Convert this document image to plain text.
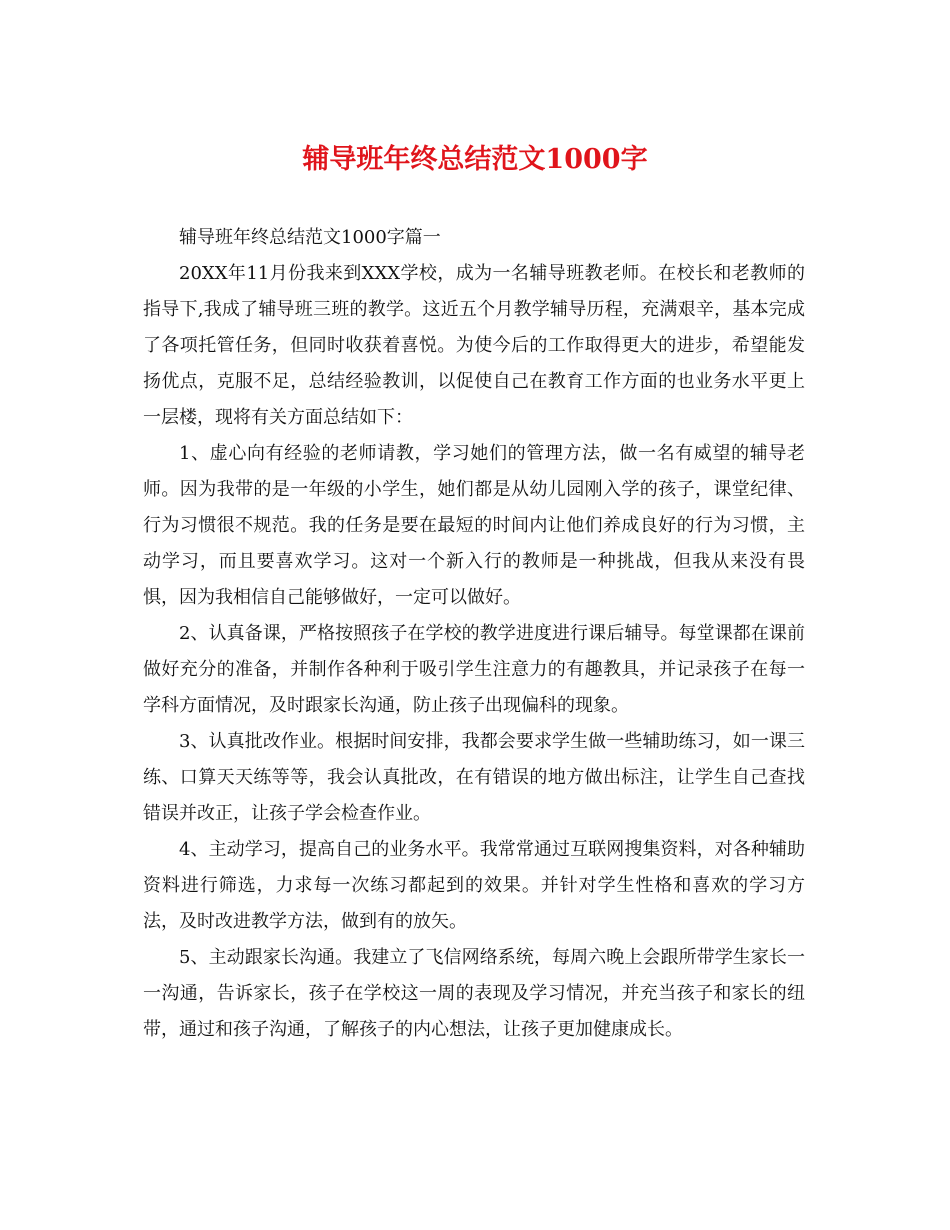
辅导班年终总结范文1000字

辅导班年终总结范文1000字篇一

20XX年11月份我来到XXX学校，成为一名辅导班教老师。在校长和老教师的指导下,我成了辅导班三班的教学。这近五个月教学辅导历程，充满艰辛，基本完成了各项托管任务，但同时收获着喜悦。为使今后的工作取得更大的进步，希望能发扬优点，克服不足，总结经验教训，以促使自己在教育工作方面的也业务水平更上一层楼，现将有关方面总结如下：

1、虚心向有经验的老师请教，学习她们的管理方法，做一名有威望的辅导老师。因为我带的是一年级的小学生，她们都是从幼儿园刚入学的孩子，课堂纪律、行为习惯很不规范。我的任务是要在最短的时间内让他们养成良好的行为习惯，主动学习，而且要喜欢学习。这对一个新入行的教师是一种挑战，但我从来没有畏惧，因为我相信自己能够做好，一定可以做好。

2、认真备课，严格按照孩子在学校的教学进度进行课后辅导。每堂课都在课前做好充分的准备，并制作各种利于吸引学生注意力的有趣教具，并记录孩子在每一学科方面情况，及时跟家长沟通，防止孩子出现偏科的现象。

3、认真批改作业。根据时间安排，我都会要求学生做一些辅助练习，如一课三练、口算天天练等等，我会认真批改，在有错误的地方做出标注，让学生自己查找错误并改正，让孩子学会检查作业。

4、主动学习，提高自己的业务水平。我常常通过互联网搜集资料，对各种辅助资料进行筛选，力求每一次练习都起到的效果。并针对学生性格和喜欢的学习方法，及时改进教学方法，做到有的放矢。

5、主动跟家长沟通。我建立了飞信网络系统，每周六晚上会跟所带学生家长一一沟通，告诉家长，孩子在学校这一周的表现及学习情况，并充当孩子和家长的纽带，通过和孩子沟通，了解孩子的内心想法，让孩子更加健康成长。
